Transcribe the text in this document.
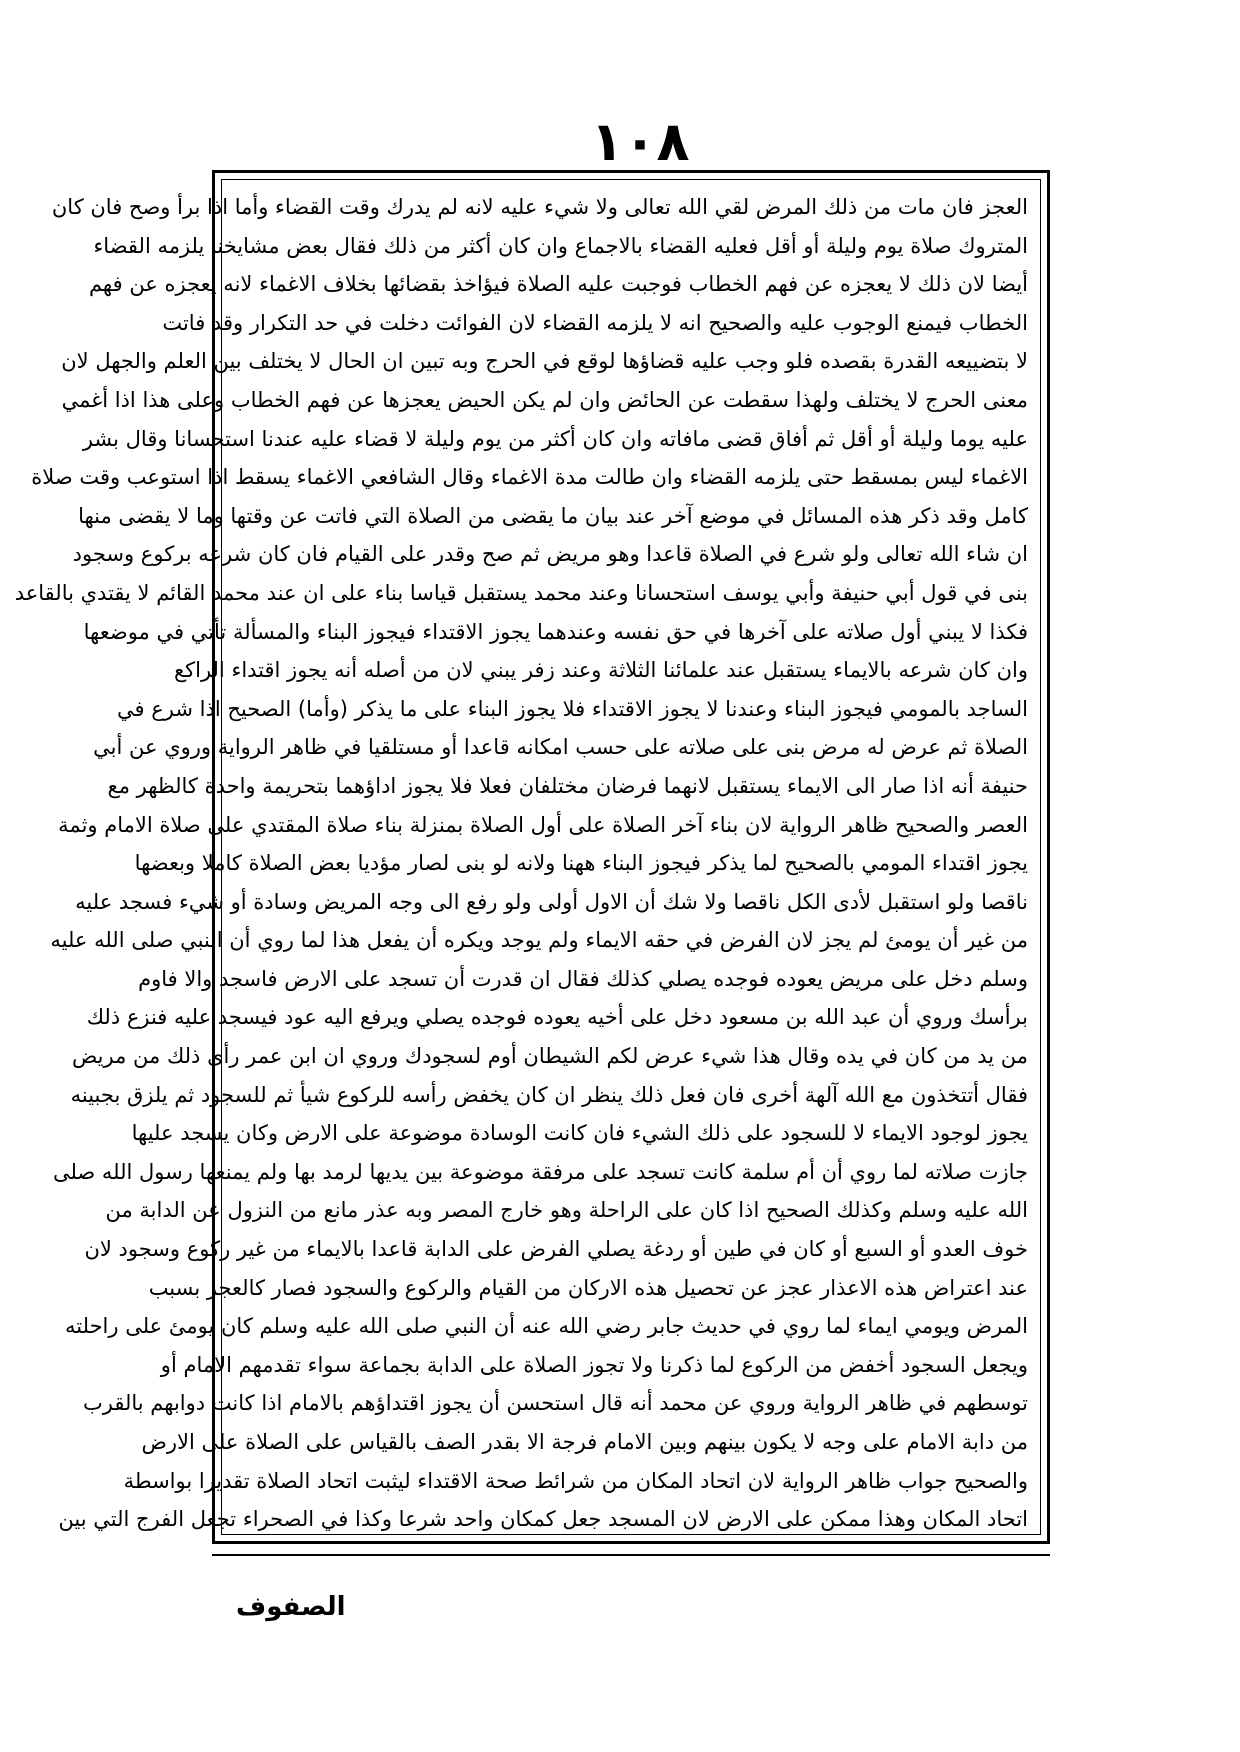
١٠٨
العجز فان مات من ذلك المرض لقي الله تعالى ولا شيء عليه لانه لم يدرك وقت القضاء وأما اذا برأ وصح فان كان
المتروك صلاة يوم وليلة أو أقل فعليه القضاء بالاجماع وان كان أكثر من ذلك فقال بعض مشايخنا يلزمه القضاء
أيضا لان ذلك لا يعجزه عن فهم الخطاب فوجبت عليه الصلاة فيؤاخذ بقضائها بخلاف الاغماء لانه يعجزه عن فهم
الخطاب فيمنع الوجوب عليه والصحيح انه لا يلزمه القضاء لان الفوائت دخلت في حد التكرار وقد فاتت
لا بتضييعه القدرة بقصده فلو وجب عليه قضاؤها لوقع في الحرج وبه تبين ان الحال لا يختلف بين العلم والجهل لان
معنى الحرج لا يختلف ولهذا سقطت عن الحائض وان لم يكن الحيض يعجزها عن فهم الخطاب وعلى هذا اذا أغمي
عليه يوما وليلة أو أقل ثم أفاق قضى مافاته وان كان أكثر من يوم وليلة لا قضاء عليه عندنا استحسانا وقال بشر
الاغماء ليس بمسقط حتى يلزمه القضاء وان طالت مدة الاغماء وقال الشافعي الاغماء يسقط اذا استوعب وقت صلاة
كامل وقد ذكر هذه المسائل في موضع آخر عند بيان ما يقضى من الصلاة التي فاتت عن وقتها وما لا يقضى منها
ان شاء الله تعالى ولو شرع في الصلاة قاعدا وهو مريض ثم صح وقدر على القيام فان كان شرعه بركوع وسجود
بنى في قول أبي حنيفة وأبي يوسف استحسانا وعند محمد يستقبل قياسا بناء على ان عند محمد القائم لا يقتدي بالقاعد
فكذا لا يبني أول صلاته على آخرها في حق نفسه وعندهما يجوز الاقتداء فيجوز البناء والمسألة تأتي في موضعها
وان كان شرعه بالايماء يستقبل عند علمائنا الثلاثة وعند زفر يبني لان من أصله أنه يجوز اقتداء الراكع
الساجد بالمومي فيجوز البناء وعندنا لا يجوز الاقتداء فلا يجوز البناء على ما يذكر (وأما) الصحيح اذا شرع في
الصلاة ثم عرض له مرض بنى على صلاته على حسب امكانه قاعدا أو مستلقيا في ظاهر الرواية وروي عن أبي
حنيفة أنه اذا صار الى الايماء يستقبل لانهما فرضان مختلفان فعلا فلا يجوز اداؤهما بتحريمة واحدة كالظهر مع
العصر والصحيح ظاهر الرواية لان بناء آخر الصلاة على أول الصلاة بمنزلة بناء صلاة المقتدي على صلاة الامام وثمة
يجوز اقتداء المومي بالصحيح لما يذكر فيجوز البناء ههنا ولانه لو بنى لصار مؤديا بعض الصلاة كاملا وبعضها
ناقصا ولو استقبل لأدى الكل ناقصا ولا شك أن الاول أولى ولو رفع الى وجه المريض وسادة أو شيء فسجد عليه
من غير أن يومئ لم يجز لان الفرض في حقه الايماء ولم يوجد ويكره أن يفعل هذا لما روي أن النبي صلى الله عليه
وسلم دخل على مريض يعوده فوجده يصلي كذلك فقال ان قدرت أن تسجد على الارض فاسجد والا فاوم
برأسك وروي أن عبد الله بن مسعود دخل على أخيه يعوده فوجده يصلي ويرفع اليه عود فيسجد عليه فنزع ذلك
من يد من كان في يده وقال هذا شيء عرض لكم الشيطان أوم لسجودك وروي ان ابن عمر رأى ذلك من مريض
فقال أتتخذون مع الله آلهة أخرى فان فعل ذلك ينظر ان كان يخفض رأسه للركوع شيأ ثم للسجود ثم يلزق بجبينه
يجوز لوجود الايماء لا للسجود على ذلك الشيء فان كانت الوسادة موضوعة على الارض وكان يسجد عليها
جازت صلاته لما روي أن أم سلمة كانت تسجد على مرفقة موضوعة بين يديها لرمد بها ولم يمنعها رسول الله صلى
الله عليه وسلم وكذلك الصحيح اذا كان على الراحلة وهو خارج المصر وبه عذر مانع من النزول عن الدابة من
خوف العدو أو السبع أو كان في طين أو ردغة يصلي الفرض على الدابة قاعدا بالايماء من غير ركوع وسجود لان
عند اعتراض هذه الاعذار عجز عن تحصيل هذه الاركان من القيام والركوع والسجود فصار كالعجز بسبب
المرض ويومي ايماء لما روي في حديث جابر رضي الله عنه أن النبي صلى الله عليه وسلم كان يومئ على راحلته
ويجعل السجود أخفض من الركوع لما ذكرنا ولا تجوز الصلاة على الدابة بجماعة سواء تقدمهم الامام أو
توسطهم في ظاهر الرواية وروي عن محمد أنه قال استحسن أن يجوز اقتداؤهم بالامام اذا كانت دوابهم بالقرب
من دابة الامام على وجه لا يكون بينهم وبين الامام فرجة الا بقدر الصف بالقياس على الصلاة على الارض
والصحيح جواب ظاهر الرواية لان اتحاد المكان من شرائط صحة الاقتداء ليثبت اتحاد الصلاة تقديرا بواسطة
اتحاد المكان وهذا ممكن على الارض لان المسجد جعل كمكان واحد شرعا وكذا في الصحراء تجعل الفرج التي بين
الصفوف
